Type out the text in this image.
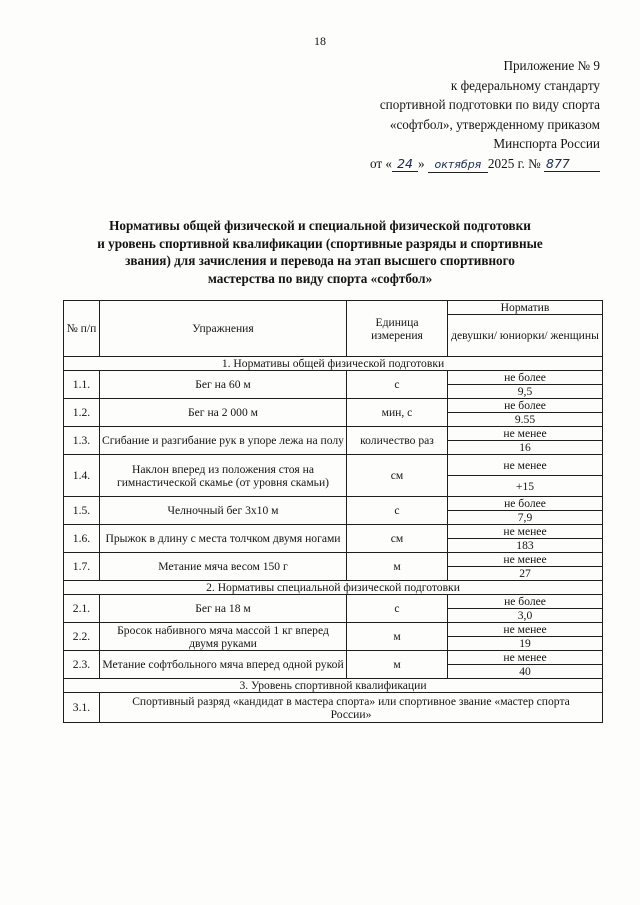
18
Приложение № 9
к федеральному стандарту
спортивной подготовки по виду спорта
«софтбол», утвержденному приказом
Минспорта России
от « 24 » октября 2025 г. № 877
Нормативы общей физической и специальной физической подготовки
и уровень спортивной квалификации (спортивные разряды и спортивные
звания) для зачисления и перевода на этап высшего спортивного
мастерства по виду спорта «софтбол»
№ п/п	Упражнения	Единица измерения	Норматив
			девушки/ юниорки/ женщины
1. Нормативы общей физической подготовки			
1.1.	Бег на 60 м	с	не более
			9,5
1.2.	Бег на 2 000 м	мин, с	не более
			9.55
1.3.	Сгибание и разгибание рук в упоре лежа на полу	количество раз	не менее
			16
1.4.	Наклон вперед из положения стоя на гимнастической скамье (от уровня скамьи)	см	не менее
			+15
1.5.	Челночный бег 3x10 м	с	не более
			7,9
1.6.	Прыжок в длину с места толчком двумя ногами	см	не менее
			183
1.7.	Метание мяча весом 150 г	м	не менее
			27
2. Нормативы специальной физической подготовки			
2.1.	Бег на 18 м	с	не более
			3,0
2.2.	Бросок набивного мяча массой 1 кг вперед двумя руками	м	не менее
			19
2.3.	Метание софтбольного мяча вперед одной рукой	м	не менее
			40
3. Уровень спортивной квалификации			
3.1.	Спортивный разряд «кандидат в мастера спорта» или спортивное звание «мастер спорта
России»		
